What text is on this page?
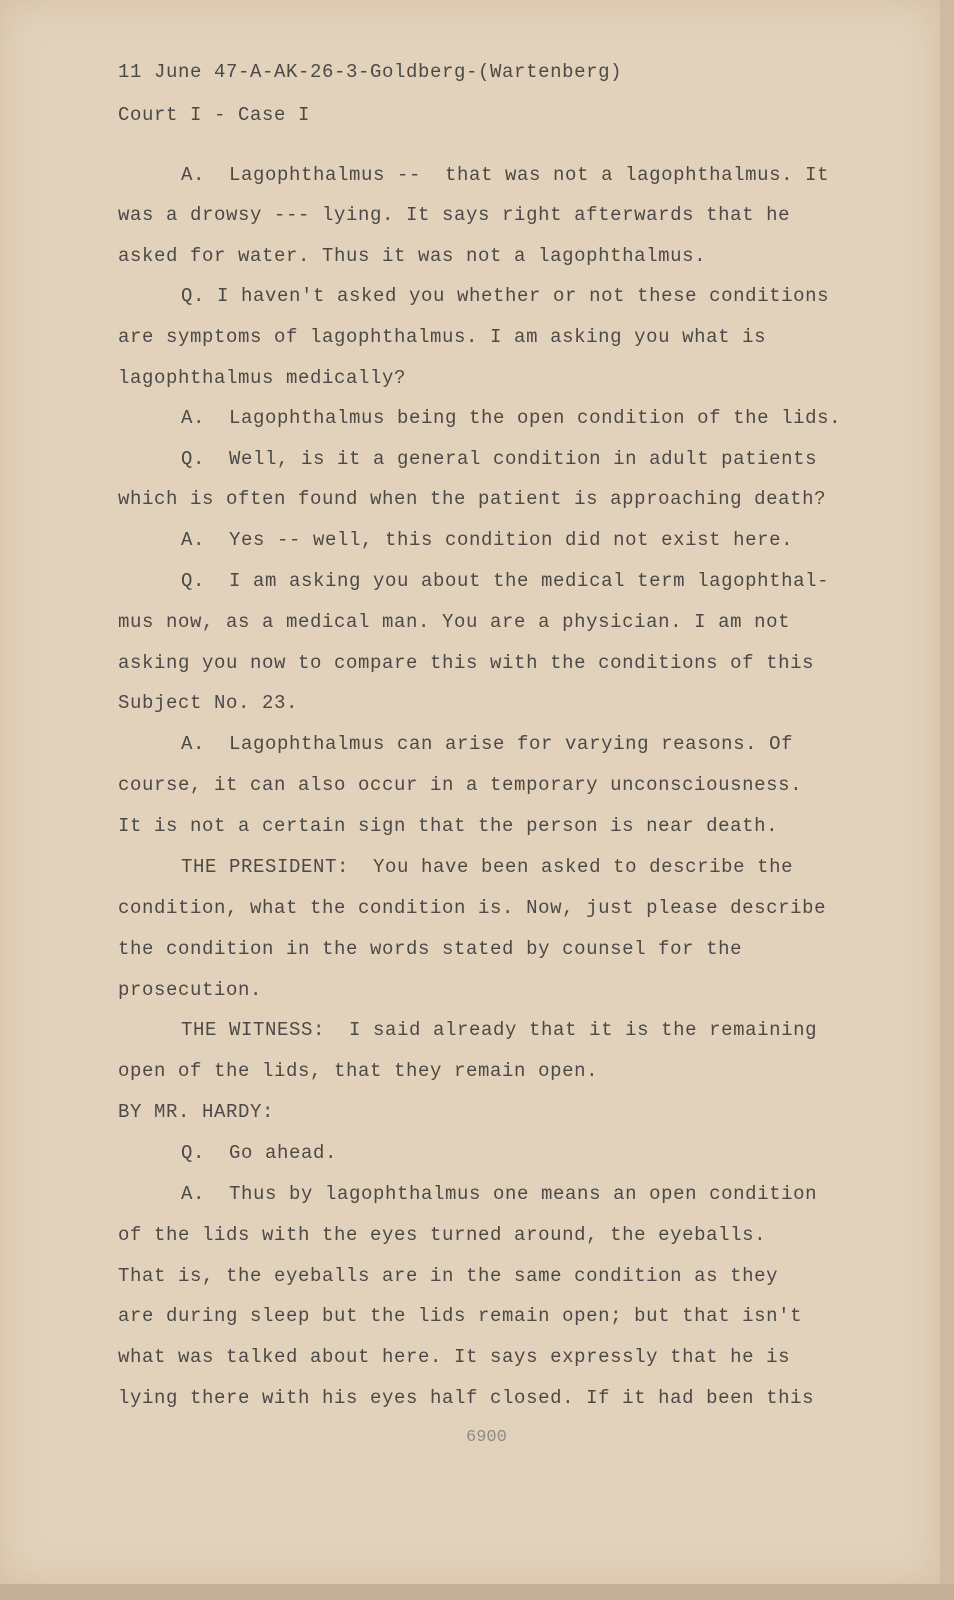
11 June 47-A-AK-26-3-Goldberg-(Wartenberg)
Court I - Case I
A.  Lagophthalmus --  that was not a lagophthalmus. It
was a drowsy --- lying. It says right afterwards that he
asked for water. Thus it was not a lagophthalmus.
Q. I haven't asked you whether or not these conditions
are symptoms of lagophthalmus. I am asking you what is
lagophthalmus medically?
A.  Lagophthalmus being the open condition of the lids.
Q.  Well, is it a general condition in adult patients
which is often found when the patient is approaching death?
A.  Yes -- well, this condition did not exist here.
Q.  I am asking you about the medical term lagophthal-
mus now, as a medical man. You are a physician. I am not
asking you now to compare this with the conditions of this
Subject No. 23.
A.  Lagophthalmus can arise for varying reasons. Of
course, it can also occur in a temporary unconsciousness.
It is not a certain sign that the person is near death.
THE PRESIDENT:  You have been asked to describe the
condition, what the condition is. Now, just please describe
the condition in the words stated by counsel for the
prosecution.
THE WITNESS:  I said already that it is the remaining
open of the lids, that they remain open.
BY MR. HARDY:
Q.  Go ahead.
A.  Thus by lagophthalmus one means an open condition
of the lids with the eyes turned around, the eyeballs.
That is, the eyeballs are in the same condition as they
are during sleep but the lids remain open; but that isn't
what was talked about here. It says expressly that he is
lying there with his eyes half closed. If it had been this
6900
